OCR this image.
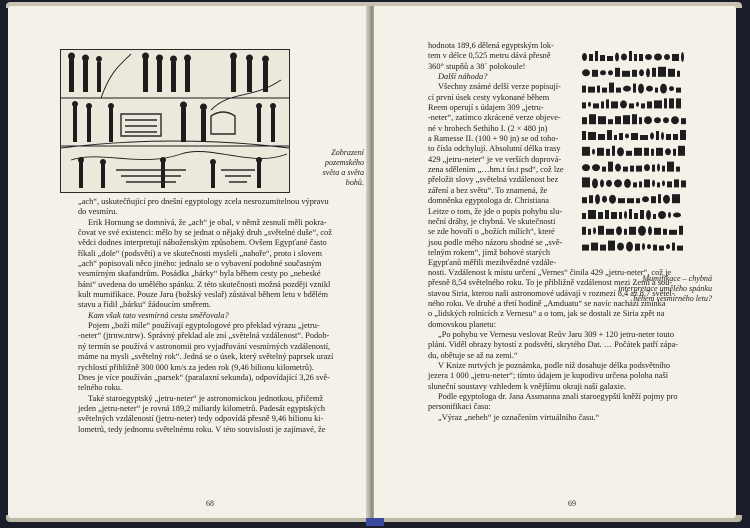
Zobrazení
pozemského
světa a světa
bohů.
„ach“, uskutečňující pro dnešní egyptology zcela nesrozumitelnou výpravu
do vesmíru.
Erik Hornung se domnívá, že „ach“ je obal, v němž zesnulí měli pokra-
čovat ve své existenci: mělo by se jednat o nějaký druh „světelné duše“, což
vědci dodnes interpretují náboženským způsobem. Ovšem Egypťané často
říkali „dole“ (podsvětí) a ve skutečnosti mysleli „nahoře“, proto i slovem
„ach“ popisovali něco jiného: jednalo se o vybavení podobné současným
vesmírným skafandrům. Posádka „bárky“ byla během cesty po „nebeské
báni“ uvedena do umělého spánku. Z této skutečnosti možná později vznikl
kult mumifikace. Pouze Jaru (božský veslař) zůstával během letu v bdělém
stavu a řídil „bárku“ žádoucím směrem.
Kam však tato vesmírná cesta směřovala?
Pojem „boží míle“ používají egyptologové pro překlad výrazu „jetru-
-neter“ (jtrnw.ntrw). Správný překlad ale zní „světelná vzdálenost“. Podob-
ný termín se používá v astronomii pro vyjadřování vesmírných vzdáleností,
máme na mysli „světelný rok“. Jedná se o úsek, který světelný paprsek urazí
rychlostí přibližně 300 000 km/s za jeden rok (9,46 bilionu kilometrů).
Dnes je více používán „parsek“ (paralaxní sekunda), odpovídající 3,26 svě-
telného roku.
Také staroegyptský „jetru-neter“ je astronomickou jednotkou, přičemž
jeden „jetru-neter“ je rovná 189,2 miliardy kilometrů. Padesát egyptských
světelných vzdáleností (jetru-neter) tedy odpovídá přesně 9,46 bilionu ki-
lometrů, tedy jednomu světelnému roku. V této souvislosti je zajímavé, že
68
hodnota 189,6 dělená egyptským lok-
tem v délce 0,525 metru dává přesně
360° stupňů a 38´ polokoule!
Další náhoda?
Všechny známé delší verze popisují-
cí první úsek cesty vykonané během
Reem operují s údajem 309 „jetru-
-neter“, zatímco zkrácené verze objeve-
né v hrobech Sethiho I. (2 × 480 jn)
a Ramesse II. (100 + 90 jn) se od toho-
to čísla odchylují. Absolutní délka trasy
429 „jetru-neter“ je ve verších doprová-
zena sdělením „…hm.t śn.t psd“, což lze
přeložit slovy „světelná vzdálenost bez
záření a bez světu“. To znamená, že
domněnka egyptologa dr. Christiana
Leitze o tom, že jde o popis pohybu slu-
neční dráhy, je chybná. Ve skutečnosti
se zde hovoří o „božích mílích“, které
jsou podle mého názoru shodné se „svě-
telným rokem“, jímž bohové starých
Egypťanů měřili mezihvězdné vzdále-
nosti. Vzdálenost k místu určení „Vernes“ činila 429 „jetru-neter“, což je
přesně 8,54 světelného roku. To je přibližně vzdálenost mezi Zemí a sou-
stavou Siria, kterou naši astronomové udávají v rozmezí 8,4 až 8,7 světel-
ného roku. Ve druhé a třetí hodině „Amduatu“ se navíc nachází zmínka
o „lidských rolnících z Vernesu“ a o tom, jak se dostali ze Siria zpět na
domovskou planetu:
„Po pohybu ve Vernesu veslovat Reův Jaru 309 + 120 jetru-neter touto
pláni. Viděl obrazy bytostí z podsvětí, skrytého Dat. … Počátek patří zápa-
du, obětuje se až na zemi.“
V Knize mrtvých je poznámka, podle níž dosahuje délka podsvětního
jezera 1 000 „jetru-neter“; tímto údajem je kupodivu určena poloha naší
sluneční soustavy vzhledem k vnějšímu okraji naší galaxie.
Podle egyptologa dr. Jana Assmanna znali staroegypští kněží pojmy pro
personifikaci času:
„Výraz „neheh“ je označením virtuálního času.“
Mumifikace – chybná
interpretace umělého spánku
během vesmírného letu?
69
